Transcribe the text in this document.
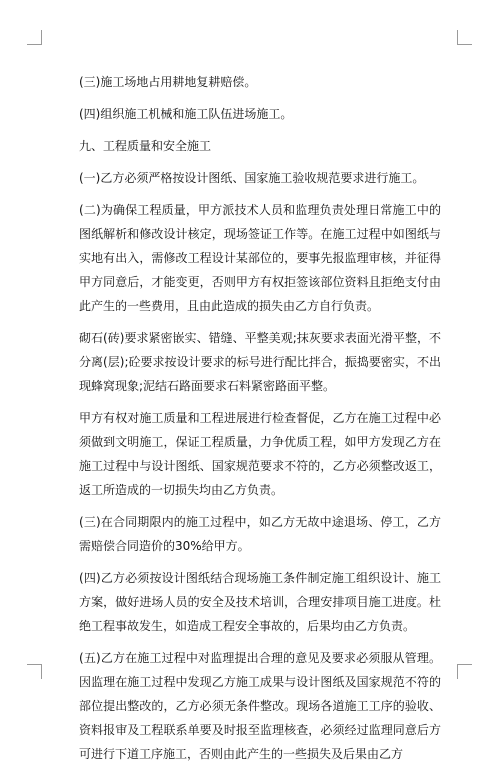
(三)施工场地占用耕地复耕赔偿。

(四)组织施工机械和施工队伍进场施工。

九、工程质量和安全施工

(一)乙方必须严格按设计图纸、国家施工验收规范要求进行施工。

(二)为确保工程质量，甲方派技术人员和监理负责处理日常施工中的图纸解析和修改设计核定，现场签证工作等。在施工过程中如图纸与实地有出入，需修改工程设计某部位的，要事先报监理审核，并征得甲方同意后，才能变更，否则甲方有权拒签该部位资料且拒绝支付由此产生的一些费用，且由此造成的损失由乙方自行负责。

砌石(砖)要求紧密嵌实、错缝、平整美观;抹灰要求表面光滑平整，不分离(层);砼要求按设计要求的标号进行配比拌合，振捣要密实，不出现蜂窝现象;泥结石路面要求石料紧密路面平整。

甲方有权对施工质量和工程进展进行检查督促，乙方在施工过程中必须做到文明施工，保证工程质量，力争优质工程，如甲方发现乙方在施工过程中与设计图纸、国家规范要求不符的，乙方必须整改返工，返工所造成的一切损失均由乙方负责。

(三)在合同期限内的施工过程中，如乙方无故中途退场、停工，乙方需赔偿合同造价的30%给甲方。

(四)乙方必须按设计图纸结合现场施工条件制定施工组织设计、施工方案，做好进场人员的安全及技术培训，合理安排项目施工进度。杜绝工程事故发生，如造成工程安全事故的，后果均由乙方负责。

(五)乙方在施工过程中对监理提出合理的意见及要求必须服从管理。因监理在施工过程中发现乙方施工成果与设计图纸及国家规范不符的部位提出整改的，乙方必须无条件整改。现场各道施工工序的验收、资料报审及工程联系单要及时报至监理核查，必须经过监理同意后方可进行下道工序施工，否则由此产生的一些损失及后果由乙方
